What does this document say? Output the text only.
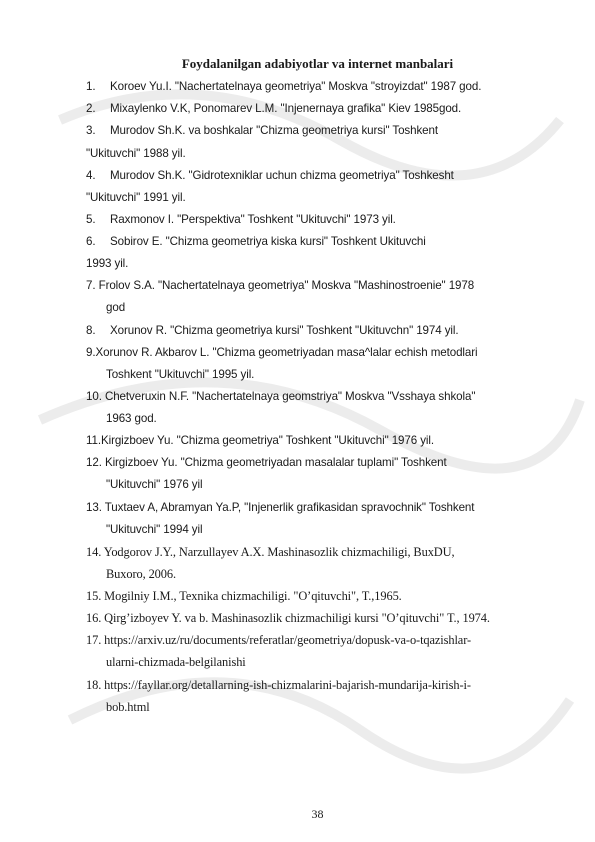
Foydalanilgan adabiyotlar va internet manbalari
1. Koroev Yu.I. "Nachertatelnaya geometriya" Moskva "stroyizdat" 1987 god.
2. Mixaylenko V.K, Ponomarev L.M. "Injenernaya grafika" Kiev 1985god.
3. Murodov Sh.K. va boshkalar "Chizma geometriya kursi" Toshkent
"Ukituvchi" 1988 yil.
4. Murodov Sh.K. "Gidrotexniklar uchun chizma geometriya" Toshkesht
"Ukituvchi" 1991 yil.
5. Raxmonov I. "Perspektiva" Toshkent "Ukituvchi" 1973 yil.
6. Sobirov E. "Chizma geometriya kiska kursi" Toshkent Ukituvchi
1993 yil.
7. Frolov S.A. "Nachertatelnaya geometriya" Moskva "Mashinostroenie" 1978
god
8. Xorunov R. "Chizma geometriya kursi" Toshkent "Ukituvchn" 1974 yil.
9.Xorunov R. Akbarov L. "Chizma geometriyadan masa^lalar echish metodlari
Toshkent "Ukituvchi" 1995 yil.
10. Chetveruxin N.F. "Nachertatelnaya geomstriya" Moskva "Vsshaya shkola"
1963 god.
11.Kirgizboev Yu. "Chizma geometriya" Toshkent "Ukituvchi" 1976 yil.
12. Kirgizboev Yu. "Chizma geometriyadan masalalar tuplami" Toshkent
"Ukituvchi" 1976 yil
13. Tuxtaev A, Abramyan Ya.P, "Injenerlik grafikasidan spravochnik" Toshkent
"Ukituvchi" 1994 yil
14. Yodgorov J.Y., Narzullayev A.X. Mashinasozlik chizmachiligi, BuxDU,
Buxoro, 2006.
15. Mogilniy I.M., Texnika chizmachiligi. "O’qituvchi", T.,1965.
16. Qirg’izboyev Y. va b. Mashinasozlik chizmachiligi kursi "O’qituvchi" T., 1974.
17. https://arxiv.uz/ru/documents/referatlar/geometriya/dopusk-va-o-tqazishlar-
ularni-chizmada-belgilanishi
18. https://fayllar.org/detallarning-ish-chizmalarini-bajarish-mundarija-kirish-i-
bob.html
38
